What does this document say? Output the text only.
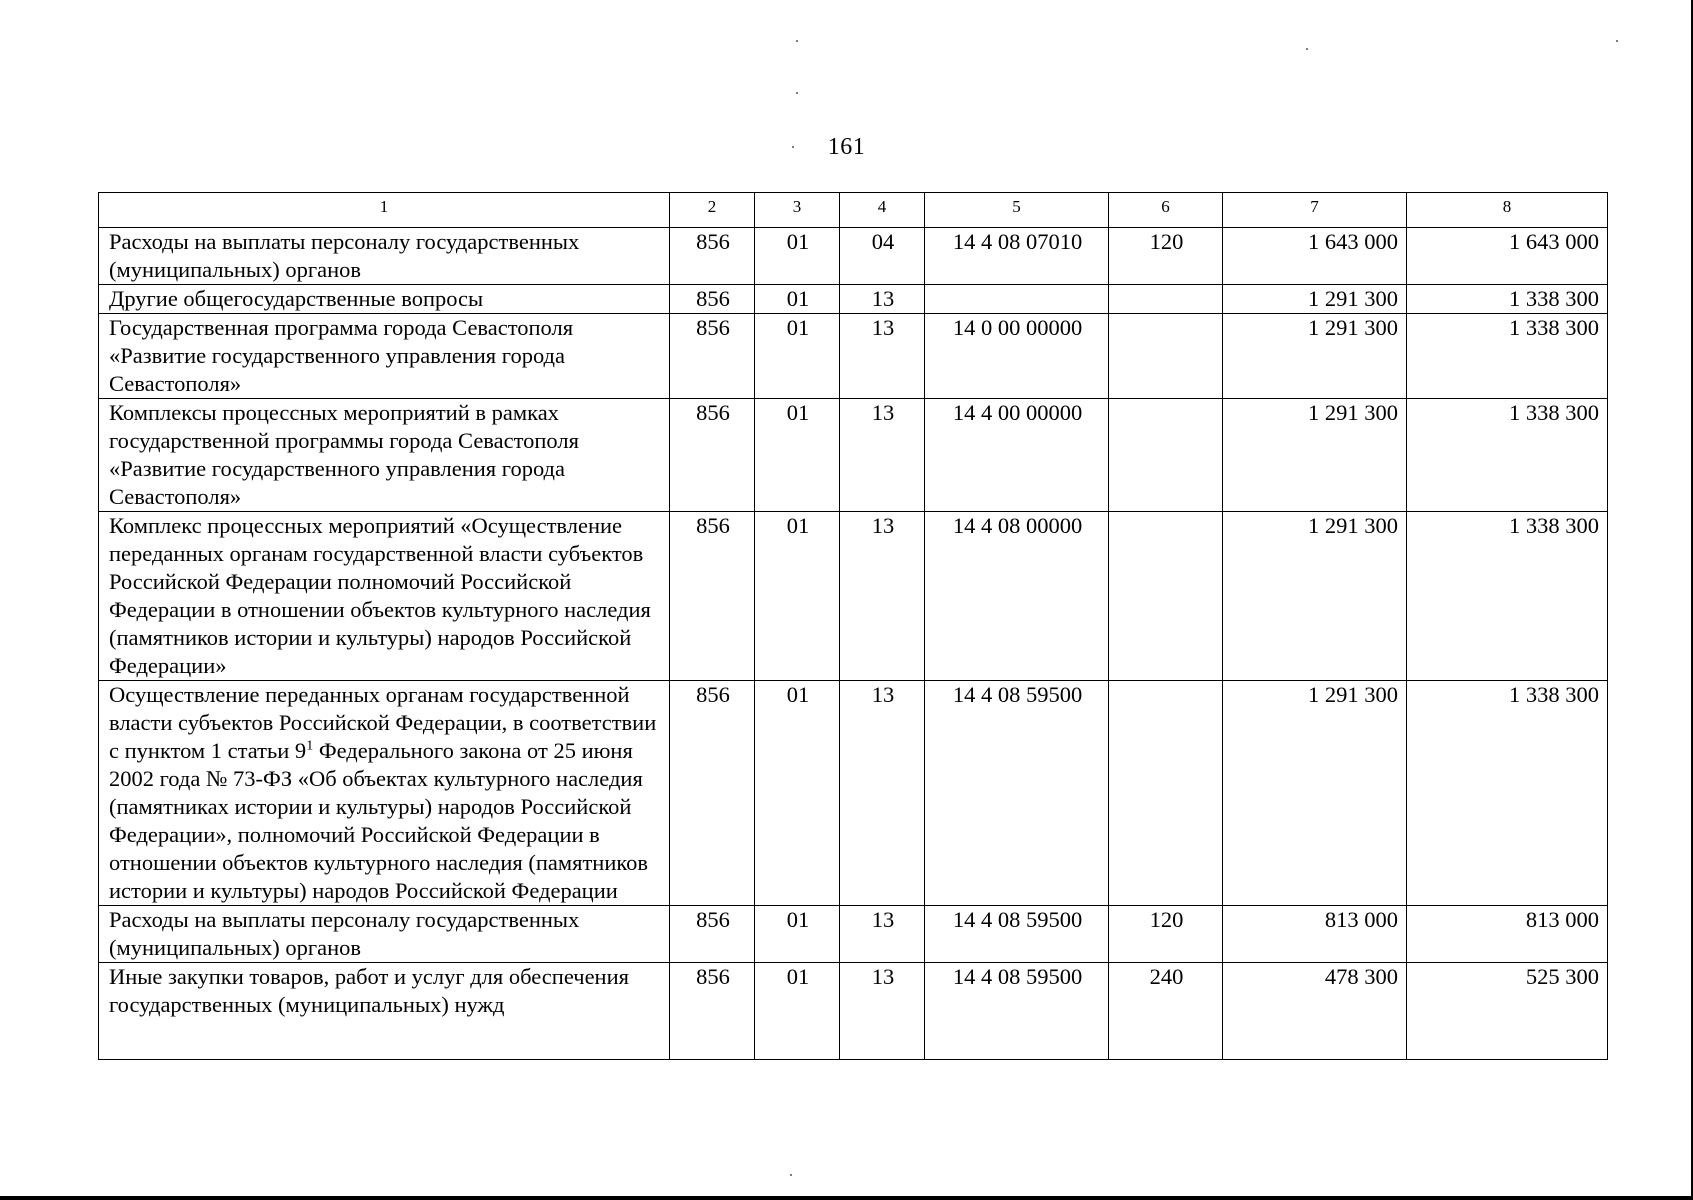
161
1	2	3	4	5	6	7	8
Расходы на выплаты персоналу государственных (муниципальных) органов	856	01	04	14 4 08 07010	120	1 643 000	1 643 000
Другие общегосударственные вопросы	856	01	13			1 291 300	1 338 300
Государственная программа города Севастополя «Развитие государственного управления города Севастополя»	856	01	13	14 0 00 00000		1 291 300	1 338 300
Комплексы процессных мероприятий в рамках государственной программы города Севастополя «Развитие государственного управления города Севастополя»	856	01	13	14 4 00 00000		1 291 300	1 338 300
Комплекс процессных мероприятий «Осуществление переданных органам государственной власти субъектов Российской Федерации полномочий Российской Федерации в отношении объектов культурного наследия (памятников истории и культуры) народов Российской Федерации»	856	01	13	14 4 08 00000		1 291 300	1 338 300
Осуществление переданных органам государственной власти субъектов Российской Федерации, в соответствии с пунктом 1 статьи $9^1$ Федерального закона от 25 июня 2002 года № 73-ФЗ «Об объектах культурного наследия (памятниках истории и культуры) народов Российской Федерации», полномочий Российской Федерации в отношении объектов культурного наследия (памятников истории и культуры) народов Российской Федерации	856	01	13	14 4 08 59500		1 291 300	1 338 300
Расходы на выплаты персоналу государственных (муниципальных) органов	856	01	13	14 4 08 59500	120	813 000	813 000
Иные закупки товаров, работ и услуг для обеспечения государственных (муниципальных) нужд	856	01	13	14 4 08 59500	240	478 300	525 300
